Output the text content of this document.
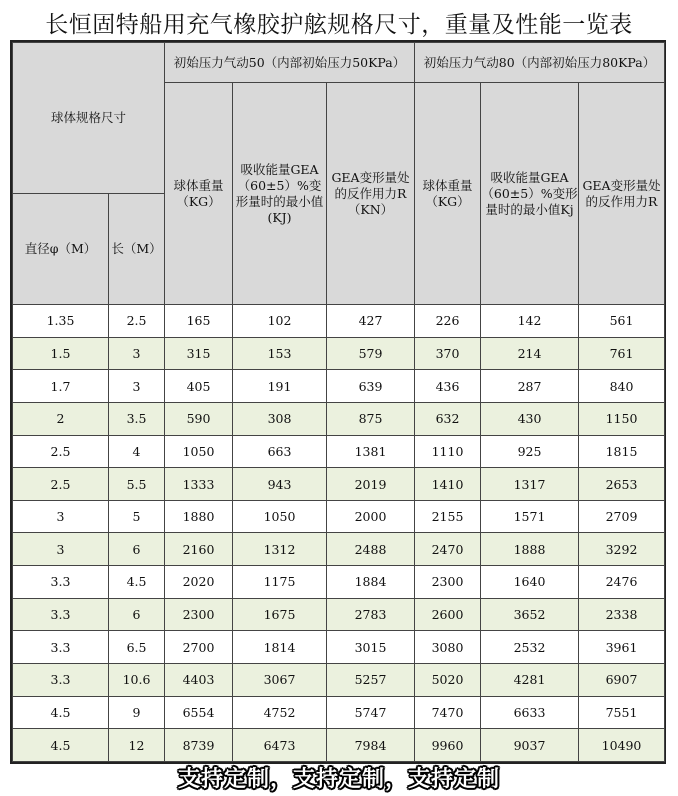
长恒固特船用充气橡胶护舷规格尺寸，重量及性能一览表
球体规格尺寸		初始压力气动50（内部初始压力50KPa）			初始压力气动80（内部初始压力80KPa）		
		球体重量（KG）	吸收能量GEA（60±5）%变形量时的最小值(KJ)	GEA变形量处的反作用力R（KN）	球体重量（KG）	吸收能量GEA（60±5）%变形量时的最小值Kj	GEA变形量处的反作用力R
直径φ（M）	长（M）						
1.35	2.5	165	102	427	226	142	561
1.5	3	315	153	579	370	214	761
1.7	3	405	191	639	436	287	840
2	3.5	590	308	875	632	430	1150
2.5	4	1050	663	1381	1110	925	1815
2.5	5.5	1333	943	2019	1410	1317	2653
3	5	1880	1050	2000	2155	1571	2709
3	6	2160	1312	2488	2470	1888	3292
3.3	4.5	2020	1175	1884	2300	1640	2476
3.3	6	2300	1675	2783	2600	3652	2338
3.3	6.5	2700	1814	3015	3080	2532	3961
3.3	10.6	4403	3067	5257	5020	4281	6907
4.5	9	6554	4752	5747	7470	6633	7551
4.5	12	8739	6473	7984	9960	9037	10490
支持定制，支持定制，支持定制
